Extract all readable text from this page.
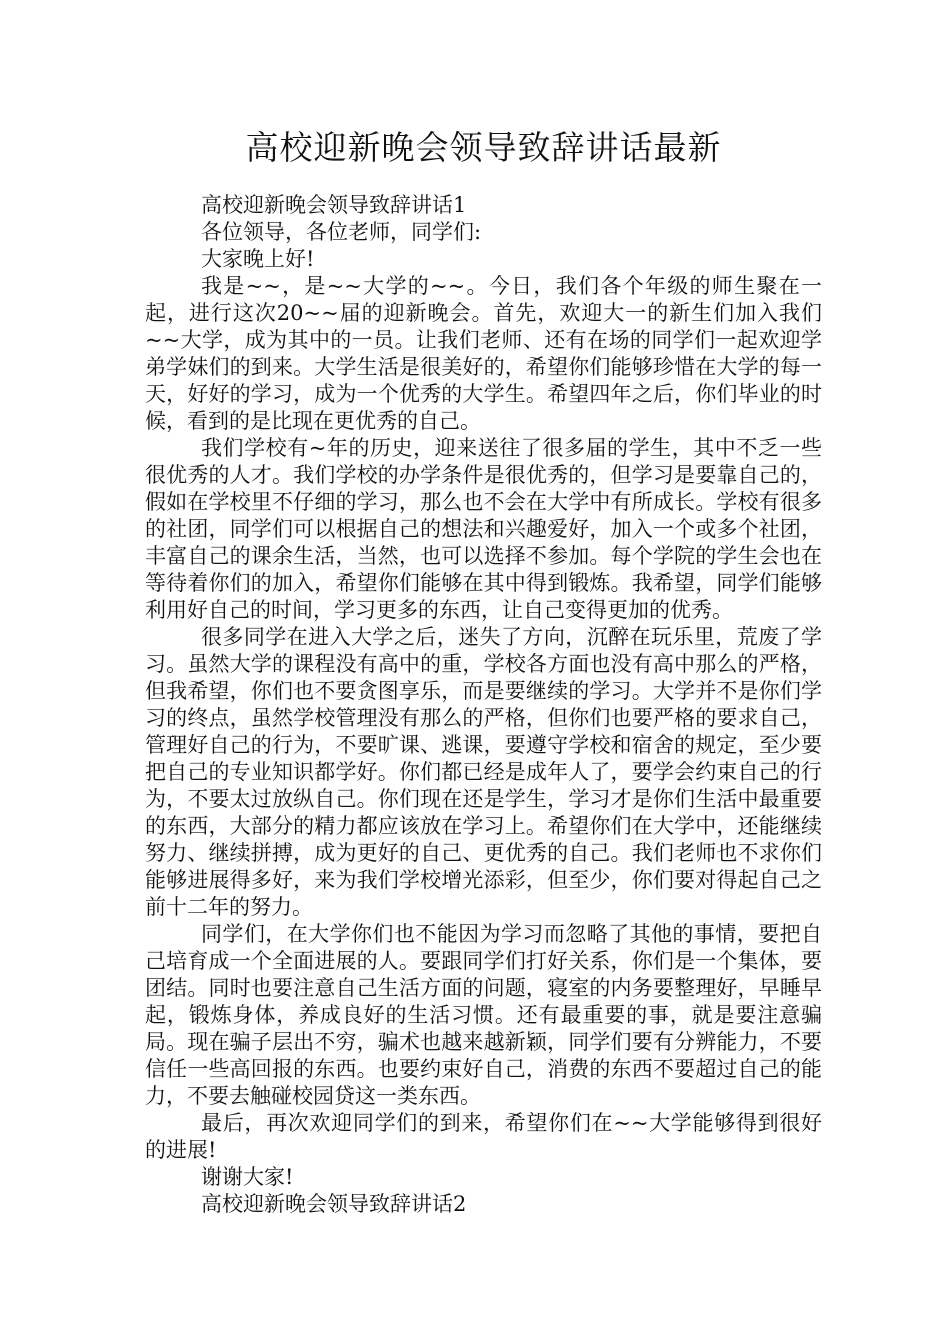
高校迎新晚会领导致辞讲话最新

高校迎新晚会领导致辞讲话1

各位领导，各位老师，同学们:

大家晚上好!

我是~~，是~~大学的~~。今日，我们各个年级的师生聚在一起，进行这次20~~届的迎新晚会。首先，欢迎大一的新生们加入我们~~大学，成为其中的一员。让我们老师、还有在场的同学们一起欢迎学弟学妹们的到来。大学生活是很美好的，希望你们能够珍惜在大学的每一天，好好的学习，成为一个优秀的大学生。希望四年之后，你们毕业的时候，看到的是比现在更优秀的自己。

我们学校有~年的历史，迎来送往了很多届的学生，其中不乏一些很优秀的人才。我们学校的办学条件是很优秀的，但学习是要靠自己的，假如在学校里不仔细的学习，那么也不会在大学中有所成长。学校有很多的社团，同学们可以根据自己的想法和兴趣爱好，加入一个或多个社团，丰富自己的课余生活，当然，也可以选择不参加。每个学院的学生会也在等待着你们的加入，希望你们能够在其中得到锻炼。我希望，同学们能够利用好自己的时间，学习更多的东西，让自己变得更加的优秀。

很多同学在进入大学之后，迷失了方向，沉醉在玩乐里，荒废了学习。虽然大学的课程没有高中的重，学校各方面也没有高中那么的严格，但我希望，你们也不要贪图享乐，而是要继续的学习。大学并不是你们学习的终点，虽然学校管理没有那么的严格，但你们也要严格的要求自己，管理好自己的行为，不要旷课、逃课，要遵守学校和宿舍的规定，至少要把自己的专业知识都学好。你们都已经是成年人了，要学会约束自己的行为，不要太过放纵自己。你们现在还是学生，学习才是你们生活中最重要的东西，大部分的精力都应该放在学习上。希望你们在大学中，还能继续努力、继续拼搏，成为更好的自己、更优秀的自己。我们老师也不求你们能够进展得多好，来为我们学校增光添彩，但至少，你们要对得起自己之前十二年的努力。

同学们，在大学你们也不能因为学习而忽略了其他的事情，要把自己培育成一个全面进展的人。要跟同学们打好关系，你们是一个集体，要团结。同时也要注意自己生活方面的问题，寝室的内务要整理好，早睡早起，锻炼身体，养成良好的生活习惯。还有最重要的事，就是要注意骗局。现在骗子层出不穷，骗术也越来越新颖，同学们要有分辨能力，不要信任一些高回报的东西。也要约束好自己，消费的东西不要超过自己的能力，不要去触碰校园贷这一类东西。

最后，再次欢迎同学们的到来，希望你们在~~大学能够得到很好的进展!

谢谢大家!

高校迎新晚会领导致辞讲话2
